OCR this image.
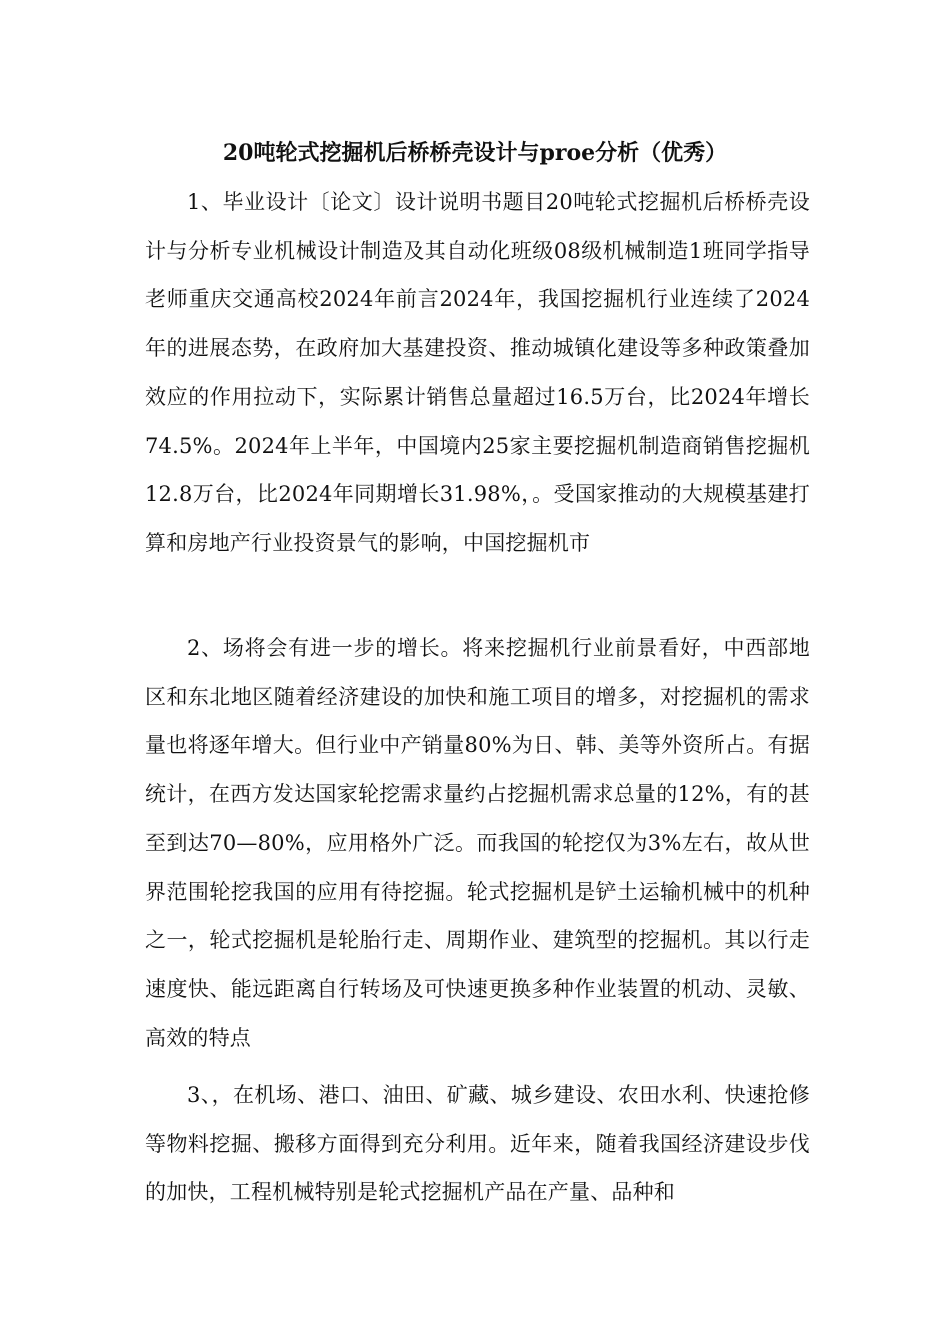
20吨轮式挖掘机后桥桥壳设计与proe分析（优秀）

1、毕业设计〔论文〕设计说明书题目20吨轮式挖掘机后桥桥壳设计与分析专业机械设计制造及其自动化班级08级机械制造1班同学指导老师重庆交通高校2024年前言2024年，我国挖掘机行业连续了2024年的进展态势，在政府加大基建投资、推动城镇化建设等多种政策叠加效应的作用拉动下，实际累计销售总量超过16.5万台，比2024年增长74.5%。2024年上半年，中国境内25家主要挖掘机制造商销售挖掘机12.8万台，比2024年同期增长31.98%，。受国家推动的大规模基建打算和房地产行业投资景气的影响，中国挖掘机市

2、场将会有进一步的增长。将来挖掘机行业前景看好，中西部地区和东北地区随着经济建设的加快和施工项目的增多，对挖掘机的需求量也将逐年增大。但行业中产销量80%为日、韩、美等外资所占。有据统计，在西方发达国家轮挖需求量约占挖掘机需求总量的12%，有的甚至到达70—80%，应用格外广泛。而我国的轮挖仅为3%左右，故从世界范围轮挖我国的应用有待挖掘。轮式挖掘机是铲土运输机械中的机种之一，轮式挖掘机是轮胎行走、周期作业、建筑型的挖掘机。其以行走速度快、能远距离自行转场及可快速更换多种作业装置的机动、灵敏、高效的特点

3、，在机场、港口、油田、矿藏、城乡建设、农田水利、快速抢修等物料挖掘、搬移方面得到充分利用。近年来，随着我国经济建设步伐的加快，工程机械特别是轮式挖掘机产品在产量、品种和
